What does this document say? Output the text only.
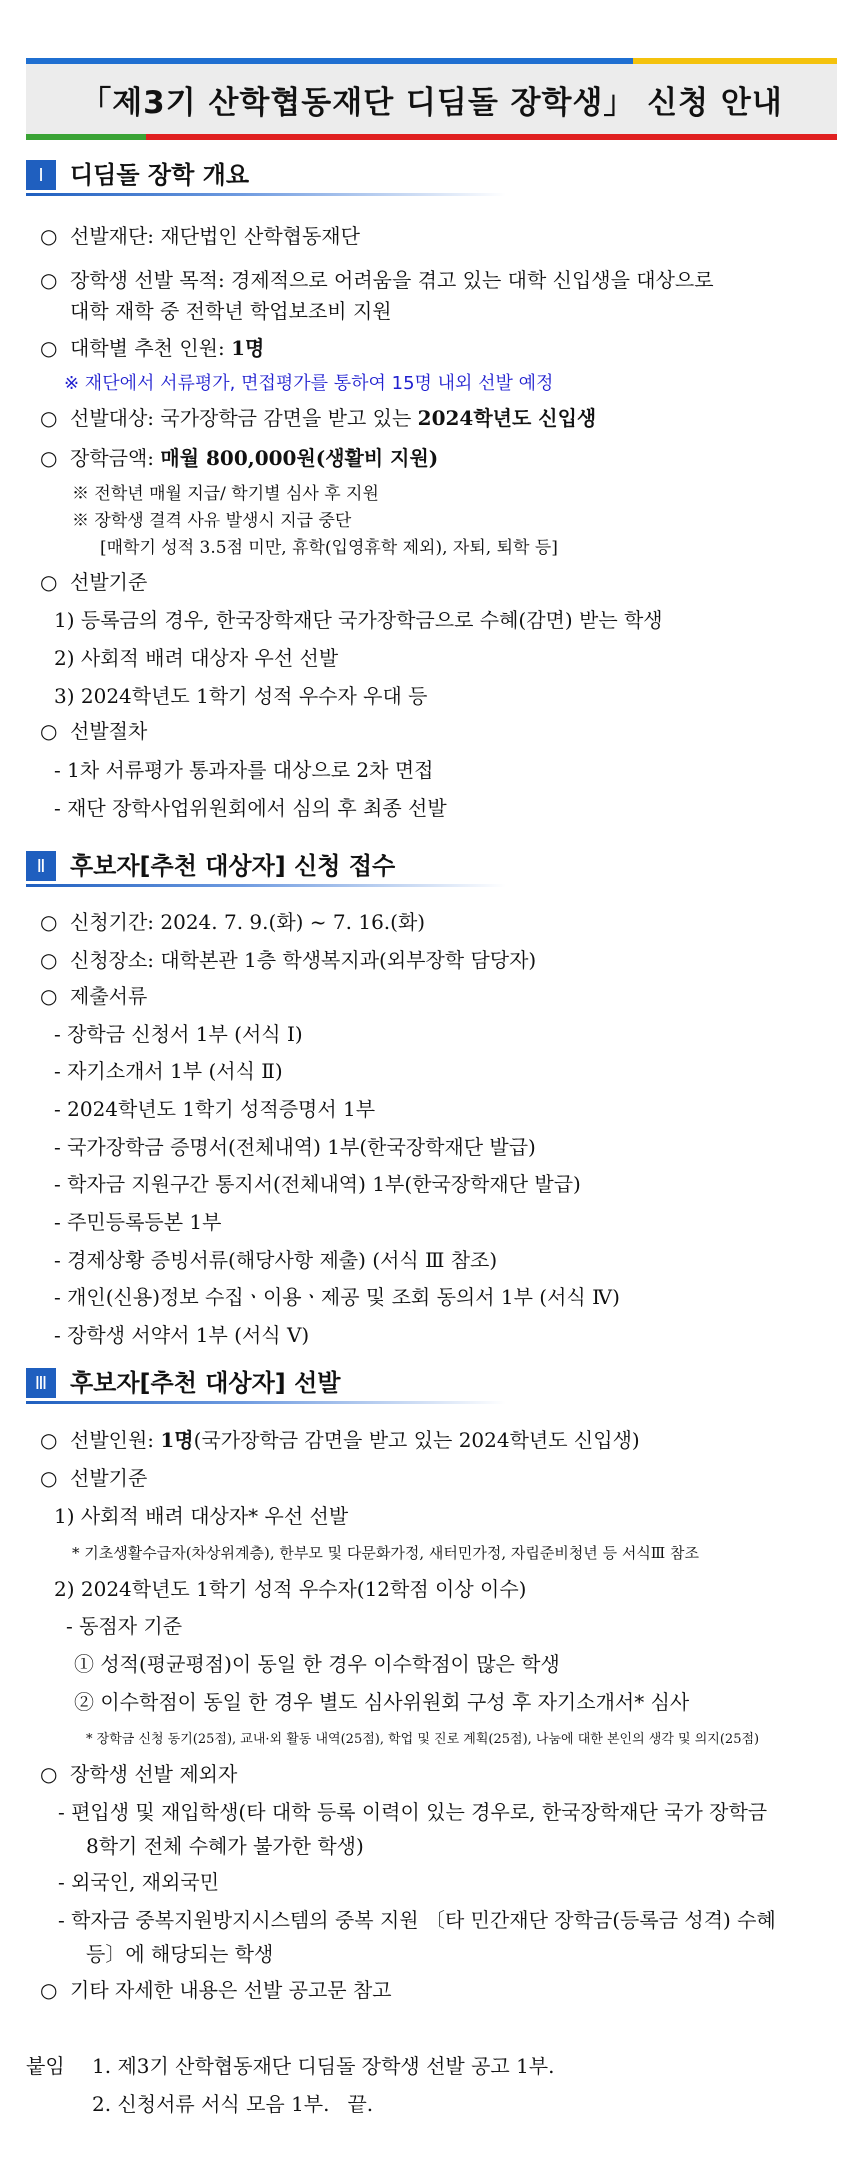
「제3기 산학협동재단 디딤돌 장학생」 신청 안내
Ⅰ	디딤돌 장학 개요
○ 선발재단: 재단법인 산학협동재단
○ 장학생 선발 목적: 경제적으로 어려움을 겪고 있는 대학 신입생을 대상으로
대학 재학 중 전학년 학업보조비 지원
○ 대학별 추천 인원: 1명
※ 재단에서 서류평가, 면접평가를 통하여 15명 내외 선발 예정
○ 선발대상: 국가장학금 감면을 받고 있는 2024학년도 신입생
○ 장학금액: 매월 800,000원(생활비 지원)
※ 전학년 매월 지급/ 학기별 심사 후 지원
※ 장학생 결격 사유 발생시 지급 중단
[매학기 성적 3.5점 미만, 휴학(입영휴학 제외), 자퇴, 퇴학 등]
○ 선발기준
1) 등록금의 경우, 한국장학재단 국가장학금으로 수혜(감면) 받는 학생
2) 사회적 배려 대상자 우선 선발
3) 2024학년도 1학기 성적 우수자 우대 등
○ 선발절차
- 1차 서류평가 통과자를 대상으로 2차 면접
- 재단 장학사업위원회에서 심의 후 최종 선발
Ⅱ	후보자[추천 대상자] 신청 접수
○ 신청기간: 2024. 7. 9.(화) ~ 7. 16.(화)
○ 신청장소: 대학본관 1층 학생복지과(외부장학 담당자)
○ 제출서류
- 장학금 신청서 1부 (서식 Ⅰ)
- 자기소개서 1부 (서식 Ⅱ)
- 2024학년도 1학기 성적증명서 1부
- 국가장학금 증명서(전체내역) 1부(한국장학재단 발급)
- 학자금 지원구간 통지서(전체내역) 1부(한국장학재단 발급)
- 주민등록등본 1부
- 경제상황 증빙서류(해당사항 제출) (서식 Ⅲ 참조)
- 개인(신용)정보 수집ㆍ이용ㆍ제공 및 조회 동의서 1부 (서식 Ⅳ)
- 장학생 서약서 1부 (서식 Ⅴ)
Ⅲ 후보자[추천 대상자] 선발
○ 선발인원: 1명(국가장학금 감면을 받고 있는 2024학년도 신입생)
○ 선발기준
1) 사회적 배려 대상자* 우선 선발
* 기초생활수급자(차상위계층), 한부모 및 다문화가정, 새터민가정, 자립준비청년 등 서식Ⅲ 참조
2) 2024학년도 1학기 성적 우수자(12학점 이상 이수)
- 동점자 기준
① 성적(평균평점)이 동일 한 경우 이수학점이 많은 학생
② 이수학점이 동일 한 경우 별도 심사위원회 구성 후 자기소개서* 심사
* 장학금 신청 동기(25점), 교내·외 활동 내역(25점), 학업 및 진로 계획(25점), 나눔에 대한 본인의 생각 및 의지(25점)
○ 장학생 선발 제외자
- 편입생 및 재입학생(타 대학 등록 이력이 있는 경우로, 한국장학재단 국가 장학금
8학기 전체 수혜가 불가한 학생)
- 외국인, 재외국민
- 학자금 중복지원방지시스템의 중복 지원 〔타 민간재단 장학금(등록금 성격) 수혜
등〕에 해당되는 학생
○ 기타 자세한 내용은 선발 공고문 참고
붙임 1. 제3기 산학협동재단 디딤돌 장학생 선발 공고 1부.
2. 신청서류 서식 모음 1부. 끝.
